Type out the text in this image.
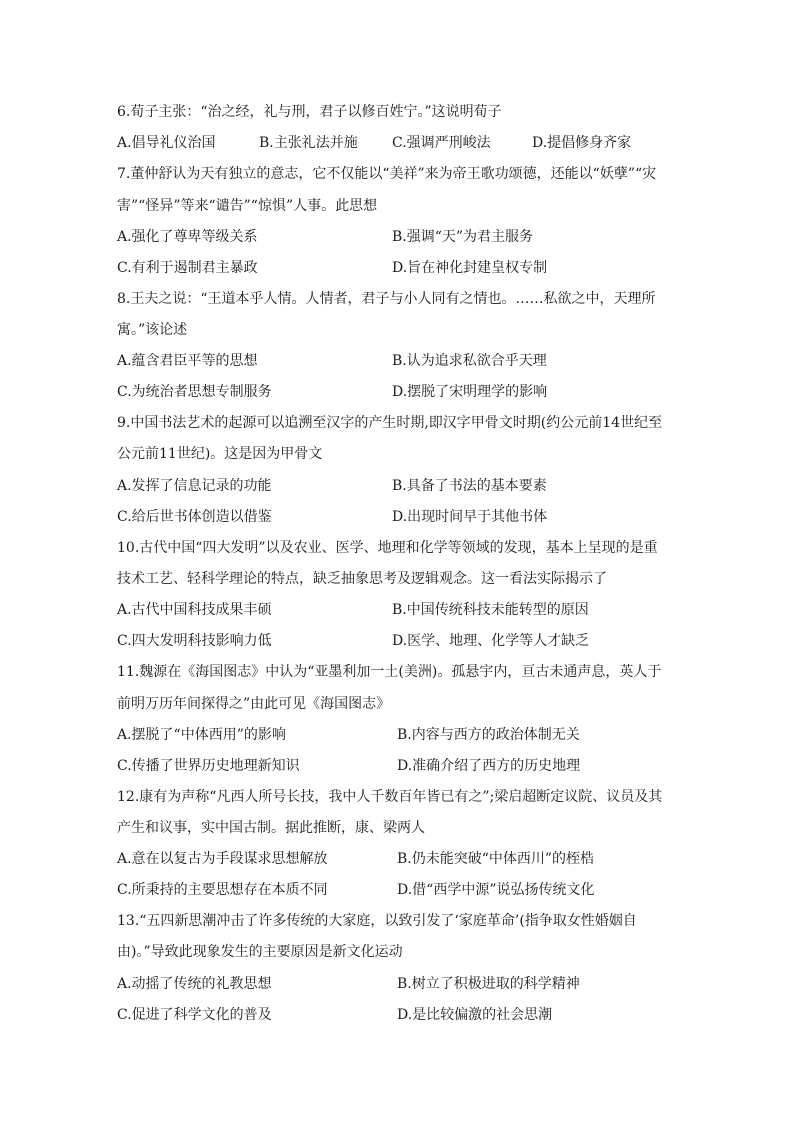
6.荀子主张：“治之经，礼与刑，君子以修百姓宁。”这说明荀子
A.倡导礼仪治国	B.主张礼法并施 C.强调严刑峻法	D.提倡修身齐家
7.董仲舒认为天有独立的意志，它不仅能以“美祥”来为帝王歌功颂德，还能以“妖孽”“灾
害”“怪异”等来“谴告”“惊惧”人事。此思想
A.强化了尊卑等级关系	B.强调“天”为君主服务
C.有利于遏制君主暴政	D.旨在神化封建皇权专制
8.王夫之说：“王道本乎人情。人情者，君子与小人同有之情也。……私欲之中，天理所
寓。”该论述
A.蕴含君臣平等的思想	B.认为追求私欲合乎天理
C.为统治者思想专制服务	D.摆脱了宋明理学的影响
9.中国书法艺术的起源可以追溯至汉字的产生时期,即汉字甲骨文时期(约公元前14世纪至
公元前11世纪)。这是因为甲骨文
A.发挥了信息记录的功能	B.具备了书法的基本要素
C.给后世书体创造以借鉴	D.出现时间早于其他书体
10.古代中国“四大发明”以及农业、医学、地理和化学等领域的发现，基本上呈现的是重
技术工艺、轻科学理论的特点，缺乏抽象思考及逻辑观念。这一看法实际揭示了
A.古代中国科技成果丰硕	B.中国传统科技未能转型的原因
C.四大发明科技影响力低	D.医学、地理、化学等人才缺乏
11.魏源在《海国图志》中认为“亚墨利加一土(美洲)。孤悬宇内，亘古未通声息，英人于
前明万历年间探得之”由此可见《海国图志》
A.摆脱了“中体西用”的影响	B.内容与西方的政治体制无关
C.传播了世界历史地理新知识	D.准确介绍了西方的历史地理
12.康有为声称“凡西人所号长技，我中人千数百年皆已有之”;梁启超断定议院、议员及其
产生和议事，实中国古制。据此推断，康、梁两人
A.意在以复古为手段谋求思想解放	B.仍未能突破“中体西川”的桎梏
C.所秉持的主要思想存在本质不同	D.借“西学中源”说弘扬传统文化
13.“五四新思潮冲击了许多传统的大家庭，以致引发了‘家庭革命’(指争取女性婚姻自
由)。”导致此现象发生的主要原因是新文化运动
A.动摇了传统的礼教思想	B.树立了积极进取的科学精神
C.促进了科学文化的普及	D.是比较偏激的社会思潮
